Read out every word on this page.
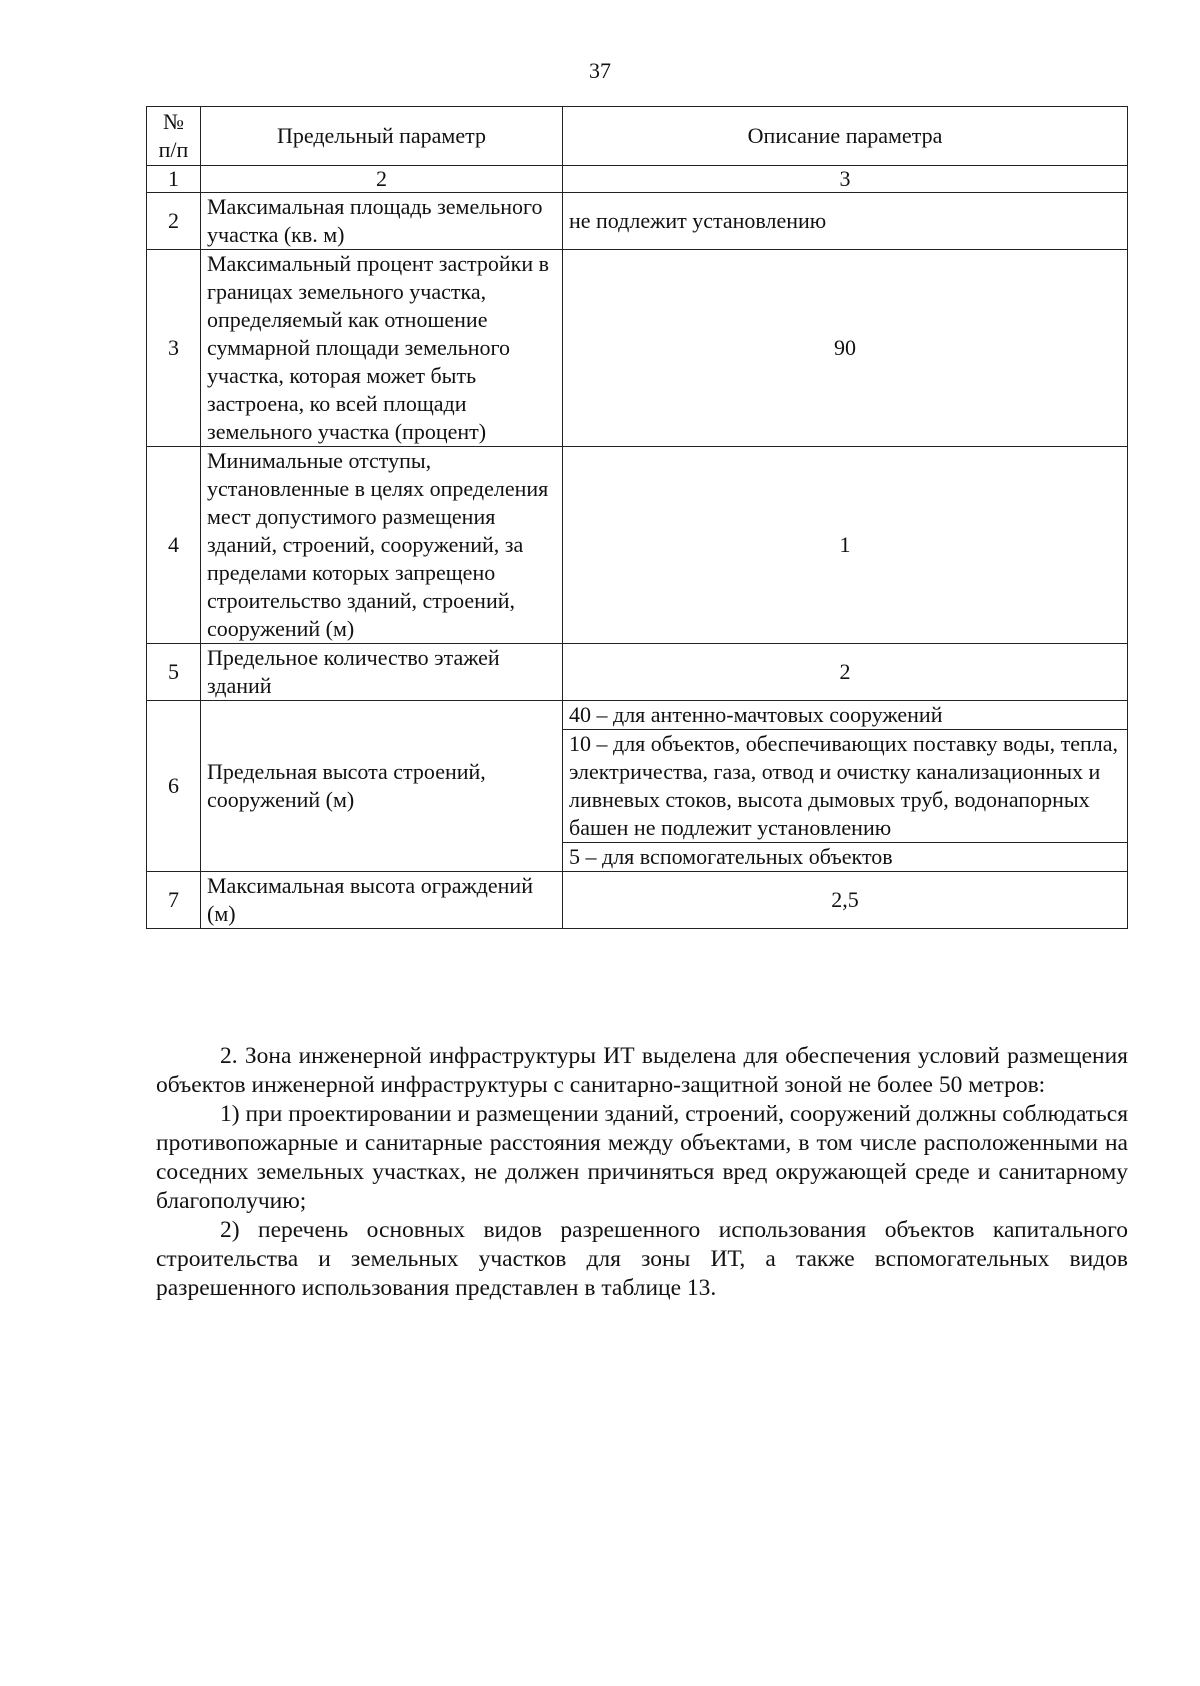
37
№ п/п	Предельный параметр	Описание параметра
1	2	3
2	Максимальная площадь земельного участка (кв. м)	не подлежит установлению
3	Максимальный процент застройки в границах земельного участка, определяемый как отношение суммарной площади земельного участка, которая может быть застроена, ко всей площади земельного участка (процент)	90
4	Минимальные отступы, установленные в целях определения мест допустимого размещения зданий, строений, сооружений, за пределами которых запрещено строительство зданий, строений, сооружений (м)	1
5	Предельное количество этажей зданий	2
6	Предельная высота строений, сооружений (м)	40 – для антенно-мачтовых сооружений
		10 – для объектов, обеспечивающих поставку воды, тепла, электричества, газа, отвод и очистку канализационных и ливневых стоков, высота дымовых труб, водонапорных башен не подлежит установлению
		5 – для вспомогательных объектов
7	Максимальная высота ограждений (м)	2,5

2. Зона инженерной инфраструктуры ИТ выделена для обеспечения условий размещения объектов инженерной инфраструктуры с санитарно-защитной зоной не более 50 метров:

1) при проектировании и размещении зданий, строений, сооружений должны соблюдаться противопожарные и санитарные расстояния между объектами, в том числе расположенными на соседних земельных участках, не должен причиняться вред окружающей среде и санитарному благополучию;

2) перечень основных видов разрешенного использования объектов капитального строительства и земельных участков для зоны ИТ, а также вспомогательных видов разрешенного использования представлен в таблице 13.
